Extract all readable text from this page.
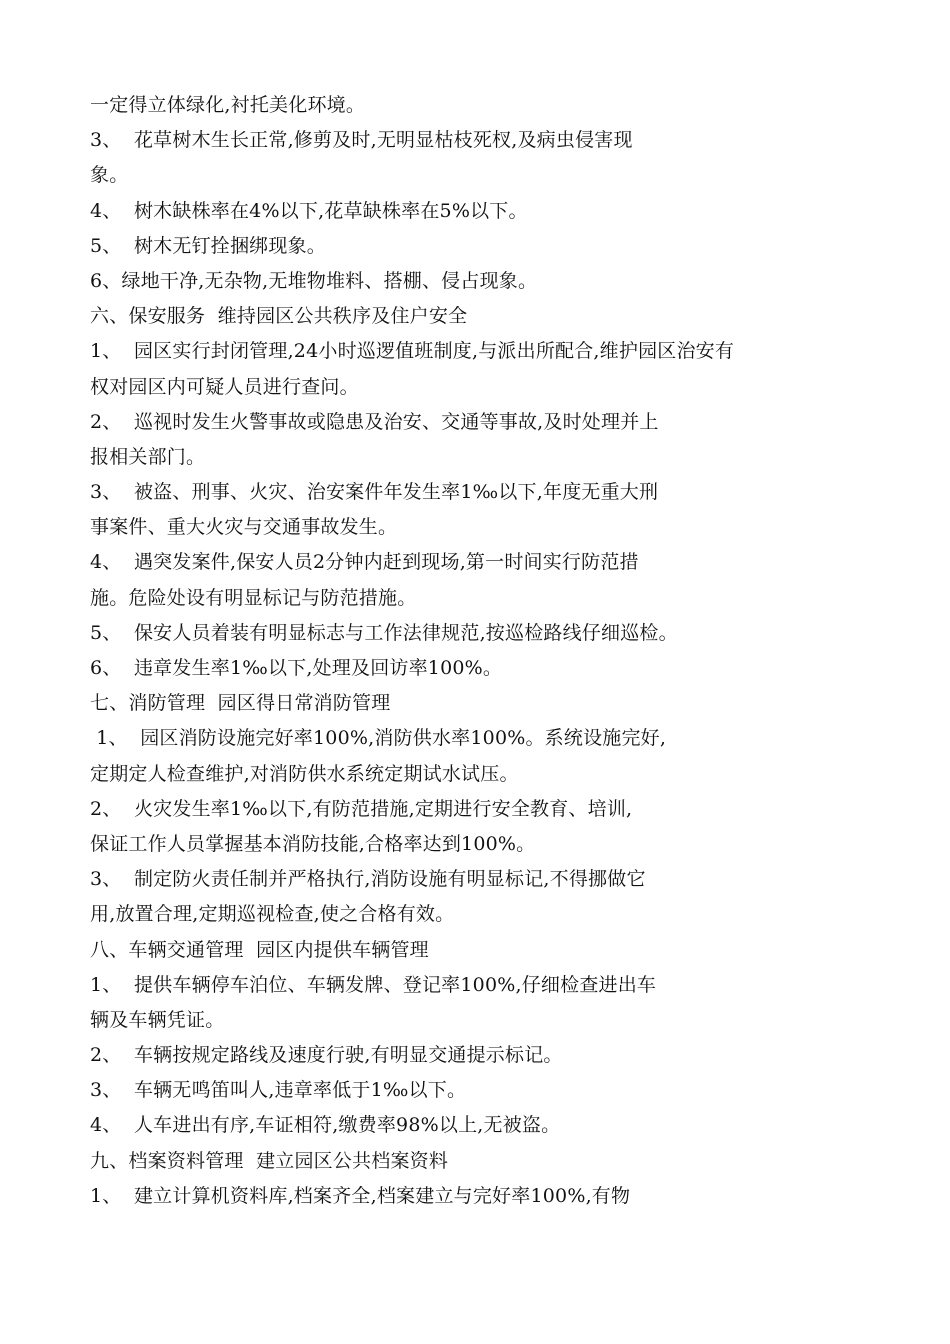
一定得立体绿化,衬托美化环境。
3、  花草树木生长正常,修剪及时,无明显枯枝死杈,及病虫侵害现
象。
4、  树木缺株率在4%以下,花草缺株率在5%以下。
5、  树木无钉拴捆绑现象。
6、绿地干净,无杂物,无堆物堆料、搭棚、侵占现象。
六、保安服务  维持园区公共秩序及住户安全
1、  园区实行封闭管理,24小时巡逻值班制度,与派出所配合,维护园区治安有
权对园区内可疑人员进行查问。
2、  巡视时发生火警事故或隐患及治安、交通等事故,及时处理并上
报相关部门。
3、  被盗、刑事、火灾、治安案件年发生率1‰以下,年度无重大刑
事案件、重大火灾与交通事故发生。
4、  遇突发案件,保安人员2分钟内赶到现场,第一时间实行防范措
施。危险处设有明显标记与防范措施。
5、  保安人员着装有明显标志与工作法律规范,按巡检路线仔细巡检。
6、  违章发生率1‰以下,处理及回访率100%。
七、消防管理  园区得日常消防管理
1、  园区消防设施完好率100%,消防供水率100%。系统设施完好,
定期定人检查维护,对消防供水系统定期试水试压。
2、  火灾发生率1‰以下,有防范措施,定期进行安全教育、培训,
保证工作人员掌握基本消防技能,合格率达到100%。
3、  制定防火责任制并严格执行,消防设施有明显标记,不得挪做它
用,放置合理,定期巡视检查,使之合格有效。
八、车辆交通管理  园区内提供车辆管理
1、  提供车辆停车泊位、车辆发牌、登记率100%,仔细检查进出车
辆及车辆凭证。
2、  车辆按规定路线及速度行驶,有明显交通提示标记。
3、  车辆无鸣笛叫人,违章率低于1‰以下。
4、  人车进出有序,车证相符,缴费率98%以上,无被盗。
九、档案资料管理  建立园区公共档案资料
1、  建立计算机资料库,档案齐全,档案建立与完好率100%,有物
